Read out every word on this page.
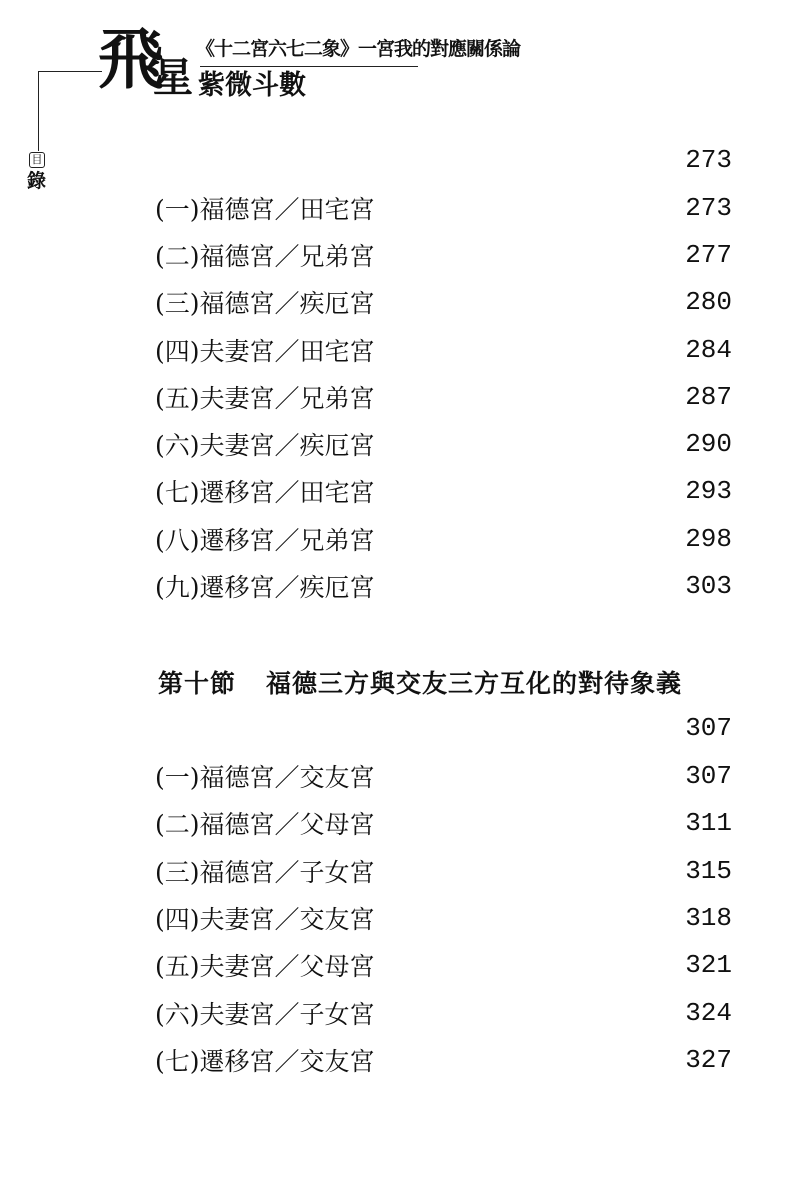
飛
星
《十二宮六七二象》一宮我的對應關係論
紫微斗數
目
錄
273
(一)福德宮／田宅宮	273
(二)福德宮／兄弟宮	277
(三)福德宮／疾厄宮	280
(四)夫妻宮／田宅宮	284
(五)夫妻宮／兄弟宮	287
(六)夫妻宮／疾厄宮	290
(七)遷移宮／田宅宮	293
(八)遷移宮／兄弟宮	298
(九)遷移宮／疾厄宮	303
第十節 福德三方與交友三方互化的對待象義
307
(一)福德宮／交友宮	307
(二)福德宮／父母宮	311
(三)福德宮／子女宮	315
(四)夫妻宮／交友宮	318
(五)夫妻宮／父母宮	321
(六)夫妻宮／子女宮	324
(七)遷移宮／交友宮	327
